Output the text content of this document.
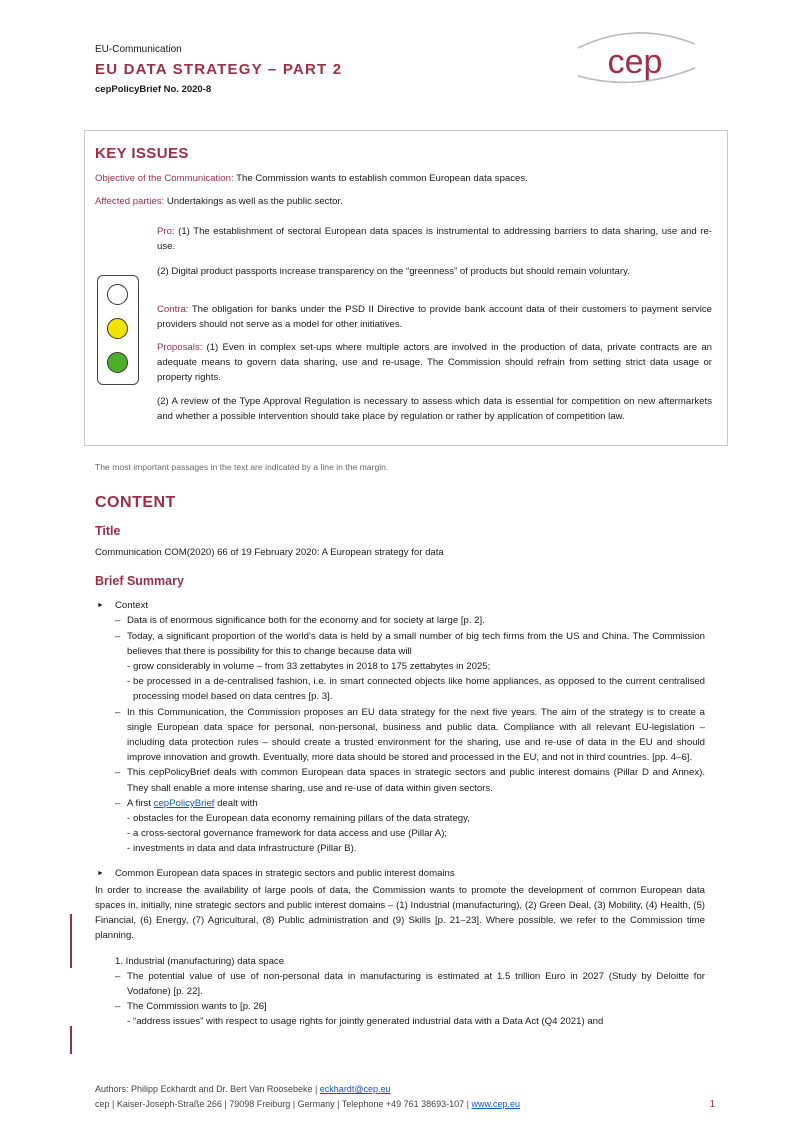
EU-Communication
EU DATA STRATEGY – PART 2
cepPolicyBrief No. 2020-8
cep
KEY ISSUES
Objective of the Communication: The Commission wants to establish common European data spaces.
Affected parties: Undertakings as well as the public sector.
Pro: (1) The establishment of sectoral European data spaces is instrumental to addressing barriers to data sharing, use and re-use.
(2) Digital product passports increase transparency on the “greenness” of products but should remain voluntary.
Contra: The obligation for banks under the PSD II Directive to provide bank account data of their customers to payment service providers should not serve as a model for other initiatives.
Proposals: (1) Even in complex set-ups where multiple actors are involved in the production of data, private contracts are an adequate means to govern data sharing, use and re-usage. The Commission should refrain from setting strict data usage or property rights.
(2) A review of the Type Approval Regulation is necessary to assess which data is essential for competition on new aftermarkets and whether a possible intervention should take place by regulation or rather by application of competition law.
The most important passages in the text are indicated by a line in the margin.
CONTENT
Title
Communication COM(2020) 66 of 19 February 2020: A European strategy for data
Brief Summary
► Context
– Data is of enormous significance both for the economy and for society at large [p. 2].
– Today, a significant proportion of the world’s data is held by a small number of big tech firms from the US and China. The Commission believes that there is possibility for this to change because data will
- grow considerably in volume – from 33 zettabytes in 2018 to 175 zettabytes in 2025;
- be processed in a de-centralised fashion, i.e. in smart connected objects like home appliances, as opposed to the current centralised processing model based on data centres [p. 3].
– In this Communication, the Commission proposes an EU data strategy for the next five years. The aim of the strategy is to create a single European data space for personal, non-personal, business and public data. Compliance with all relevant EU-legislation – including data protection rules – should create a trusted environment for the sharing, use and re-use of data in the EU and should improve innovation and growth. Eventually, more data should be stored and processed in the EU, and not in third countries. [pp. 4–6].
– This cepPolicyBrief deals with common European data spaces in strategic sectors and public interest domains (Pillar D and Annex). They shall enable a more intense sharing, use and re-use of data within given sectors.
– A first cepPolicyBrief dealt with
- obstacles for the European data economy remaining pillars of the data strategy,
- a cross-sectoral governance framework for data access and use (Pillar A);
- investments in data and data infrastructure (Pillar B).
► Common European data spaces in strategic sectors and public interest domains
In order to increase the availability of large pools of data, the Commission wants to promote the development of common European data spaces in, initially, nine strategic sectors and public interest domains – (1) Industrial (manufacturing), (2) Green Deal, (3) Mobility, (4) Health, (5) Financial, (6) Energy, (7) Agricultural, (8) Public administration and (9) Skills [p. 21–23]. Where possible, we refer to the Commission time planning.
1. Industrial (manufacturing) data space
– The potential value of use of non-personal data in manufacturing is estimated at 1.5 trillion Euro in 2027 (Study by Deloitte for Vodafone) [p. 22].
– The Commission wants to [p. 26]
- “address issues” with respect to usage rights for jointly generated industrial data with a Data Act (Q4 2021) and
Authors: Philipp Eckhardt and Dr. Bert Van Roosebeke | eckhardt@cep.eu
cep | Kaiser-Joseph-Straße 266 | 79098 Freiburg | Germany | Telephone +49 761 38693-107 | www.cep.eu	1
